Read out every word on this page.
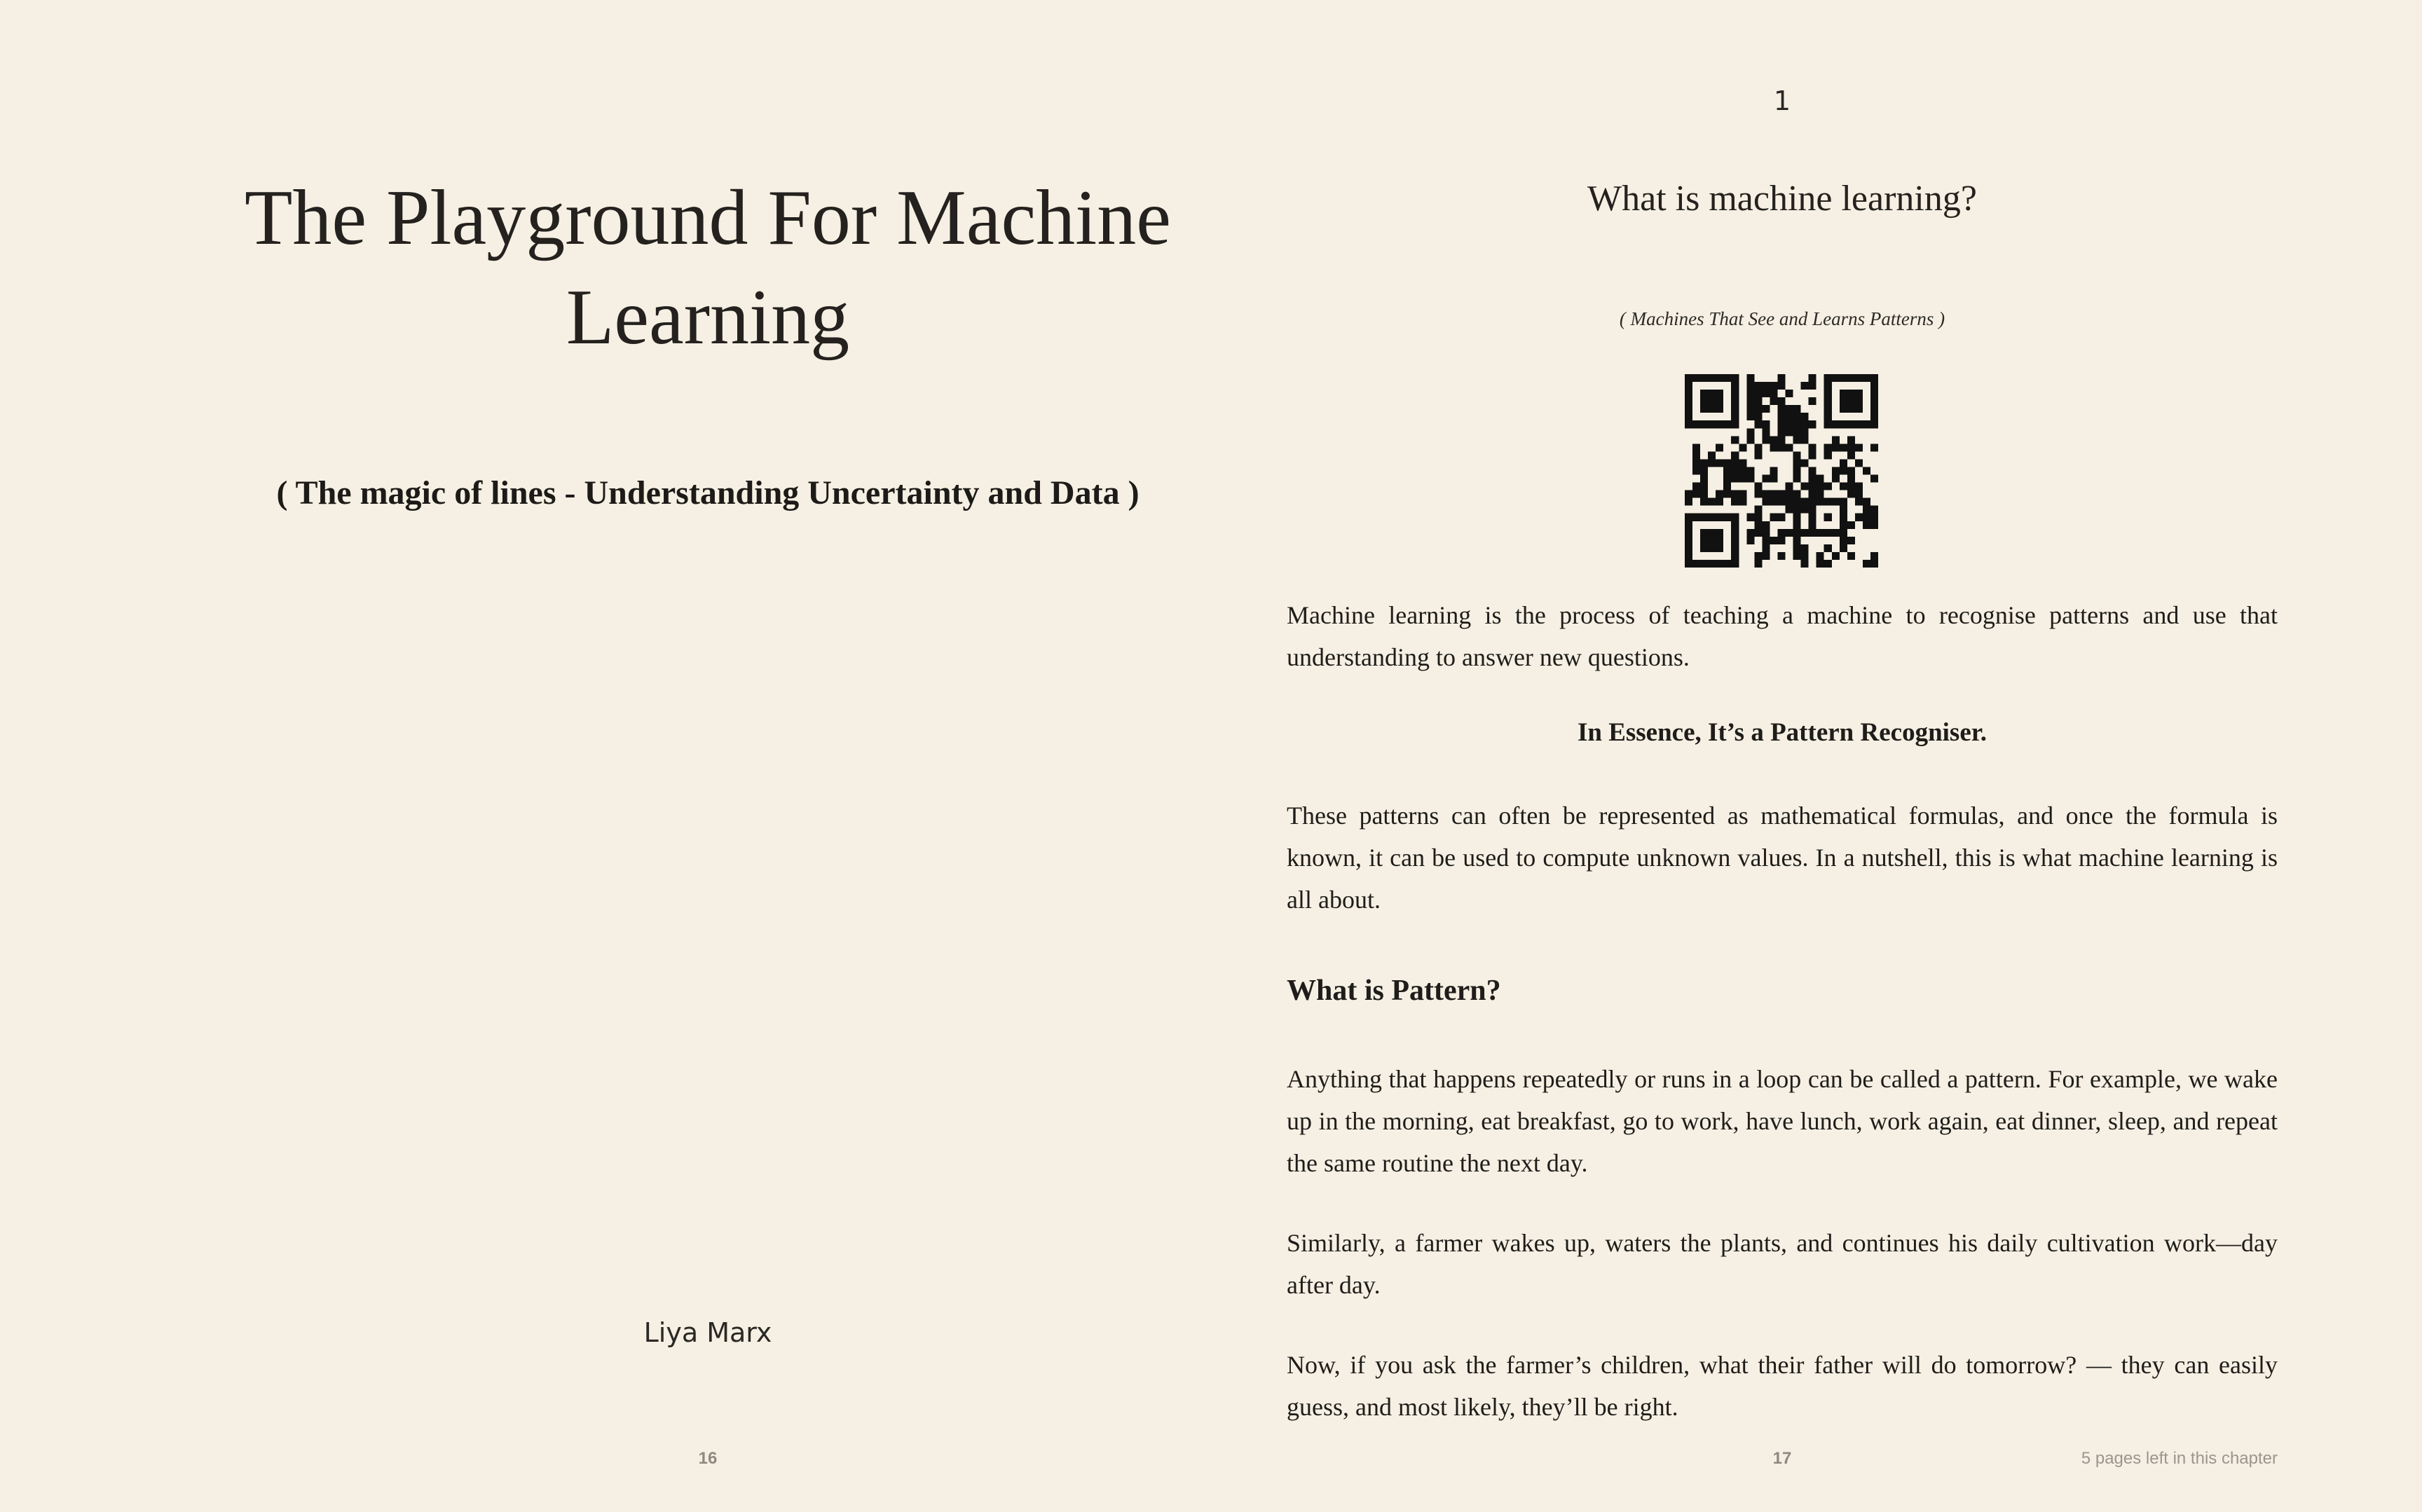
The Playground For Machine Learning
( The magic of lines - Understanding Uncertainty and Data )
Liya Marx
16
1
What is machine learning?
( Machines That See and Learns Patterns )

Machine learning is the process of teaching a machine to recognise patterns and use that understanding to answer new questions.

In Essence, It’s a Pattern Recogniser.

These patterns can often be represented as mathematical formulas, and once the formula is known, it can be used to compute unknown values. In a nutshell, this is what machine learning is all about.

What is Pattern?

Anything that happens repeatedly or runs in a loop can be called a pattern. For example, we wake up in the morning, eat breakfast, go to work, have lunch, work again, eat dinner, sleep, and repeat the same routine the next day.

Similarly, a farmer wakes up, waters the plants, and continues his daily cultivation work—day after day.

Now, if you ask the farmer’s children, what their father will do tomorrow? — they can easily guess, and most likely, they’ll be right.

17	5 pages left in this chapter
